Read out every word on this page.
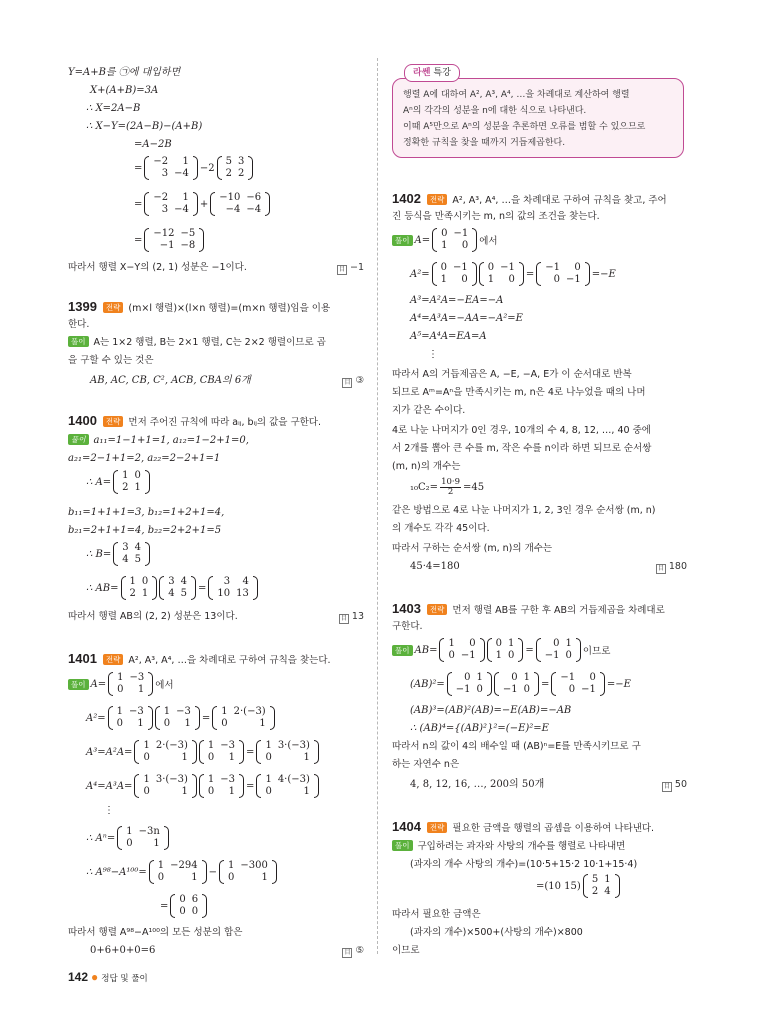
Y=A+B를 ㉠에 대입하면
X+(A+B)=3A
∴ X=2A−B
∴ X−Y=(2A−B)−(A+B)
=A−2B
=
−2	1
3	−4 −2
5	3
2	2
=
−2	1
3	−4 +
−10	−6
−4	−4
=
−12	−5
−1	−8
따라서 행렬 X−Y의 (2, 1) 성분은 −1이다.	目 −1
1399 전략 (m×l 행렬)×(l×n 행렬)=(m×n 행렬)임을 이용
한다.
풀이 A는 1×2 행렬, B는 2×1 행렬, C는 2×2 행렬이므로 곱
을 구할 수 있는 것은
AB, AC, CB, C², ACB, CBA의 6개	目 ③
1400 전략 먼저 주어진 규칙에 따라 aᵢⱼ, bᵢⱼ의 값을 구한다.
풀이 a₁₁=1−1+1=1, a₁₂=1−2+1=0,
a₂₁=2−1+1=2, a₂₂=2−2+1=1
∴ A=
1	0
2	1
b₁₁=1+1+1=3, b₁₂=1+2+1=4,
b₂₁=2+1+1=4, b₂₂=2+2+1=5
∴ B=
3	4
4	5
∴ AB=
1	0
2	1
3	4
4	5 =
3	4
10	13
따라서 행렬 AB의 (2, 2) 성분은 13이다.	目 13
1401 전략 A², A³, A⁴, …을 차례대로 구하여 규칙을 찾는다.
풀이 A=
1	−3
0	1 에서
A²=
1	−3
0	1
1	−3
0	1 =
1	2·(−3)
0	1
A³=A²A=
1	2·(−3)
0	1
1	−3
0	1 =
1	3·(−3)
0	1
A⁴=A³A=
1	3·(−3)
0	1
1	−3
0	1 =
1	4·(−3)
0	1
⋮
∴ Aⁿ=
1	−3n
0	1
∴ A⁹⁸−A¹⁰⁰=
1	−294
0	1 −
1	−300
0	1
=
0	6
0	0
따라서 행렬 A⁹⁸−A¹⁰⁰의 모든 성분의 합은
0+6+0+0=6	目 ⑤
행렬 A에 대하여 A², A³, A⁴, …을 차례대로 계산하여 행렬
Aⁿ의 각각의 성분을 n에 대한 식으로 나타낸다.
이때 A⁵만으로 Aⁿ의 성분을 추론하면 오류를 범할 수 있으므로
정확한 규칙을 찾을 때까지 거듭제곱한다.
라쎈 특강
1402 전략 A², A³, A⁴, …을 차례대로 구하여 규칙을 찾고, 주어
진 등식을 만족시키는 m, n의 값의 조건을 찾는다.
풀이 A=
0	−1
1	0 에서
A²=
0	−1
1	0
0	−1
1	0 =
−1	0
0	−1 =−E
A³=A²A=−EA=−A
A⁴=A³A=−AA=−A²=E
A⁵=A⁴A=EA=A
⋮
따라서 A의 거듭제곱은 A, −E, −A, E가 이 순서대로 반복
되므로 Aᵐ=Aⁿ을 만족시키는 m, n은 4로 나누었을 때의 나머
지가 같은 수이다.
4로 나눈 나머지가 0인 경우, 10개의 수 4, 8, 12, …, 40 중에
서 2개를 뽑아 큰 수를 m, 작은 수를 n이라 하면 되므로 순서쌍
(m, n)의 개수는
$_{10}C_2= \frac{10\cdot 9}{2} =45$
같은 방법으로 4로 나눈 나머지가 1, 2, 3인 경우 순서쌍 (m, n)
의 개수도 각각 45이다.
따라서 구하는 순서쌍 (m, n)의 개수는
45·4=180	目 180
1403 전략 먼저 행렬 AB를 구한 후 AB의 거듭제곱을 차례대로
구한다.
풀이 AB=
1	0
0	−1
0	1
1	0 =
0	1
−1	0 이므로
(AB)²=
0	1
−1	0
0	1
−1	0 =
−1	0
0	−1 =−E
(AB)³=(AB)²(AB)=−E(AB)=−AB
∴ (AB)⁴={(AB)²}²=(−E)²=E
따라서 n의 값이 4의 배수일 때 (AB)ⁿ=E를 만족시키므로 구
하는 자연수 n은
4, 8, 12, 16, …, 200의 50개	目 50
1404 전략 필요한 금액을 행렬의 곱셈을 이용하여 나타낸다.
풀이 구입하려는 과자와 사탕의 개수를 행렬로 나타내면
(과자의 개수 사탕의 개수)=(10·5+15·2 10·1+15·4)
=(10 15)
5	1
2	4
따라서 필요한 금액은
(과자의 개수)×500+(사탕의 개수)×800
이므로
142 ● 정답 및 풀이
